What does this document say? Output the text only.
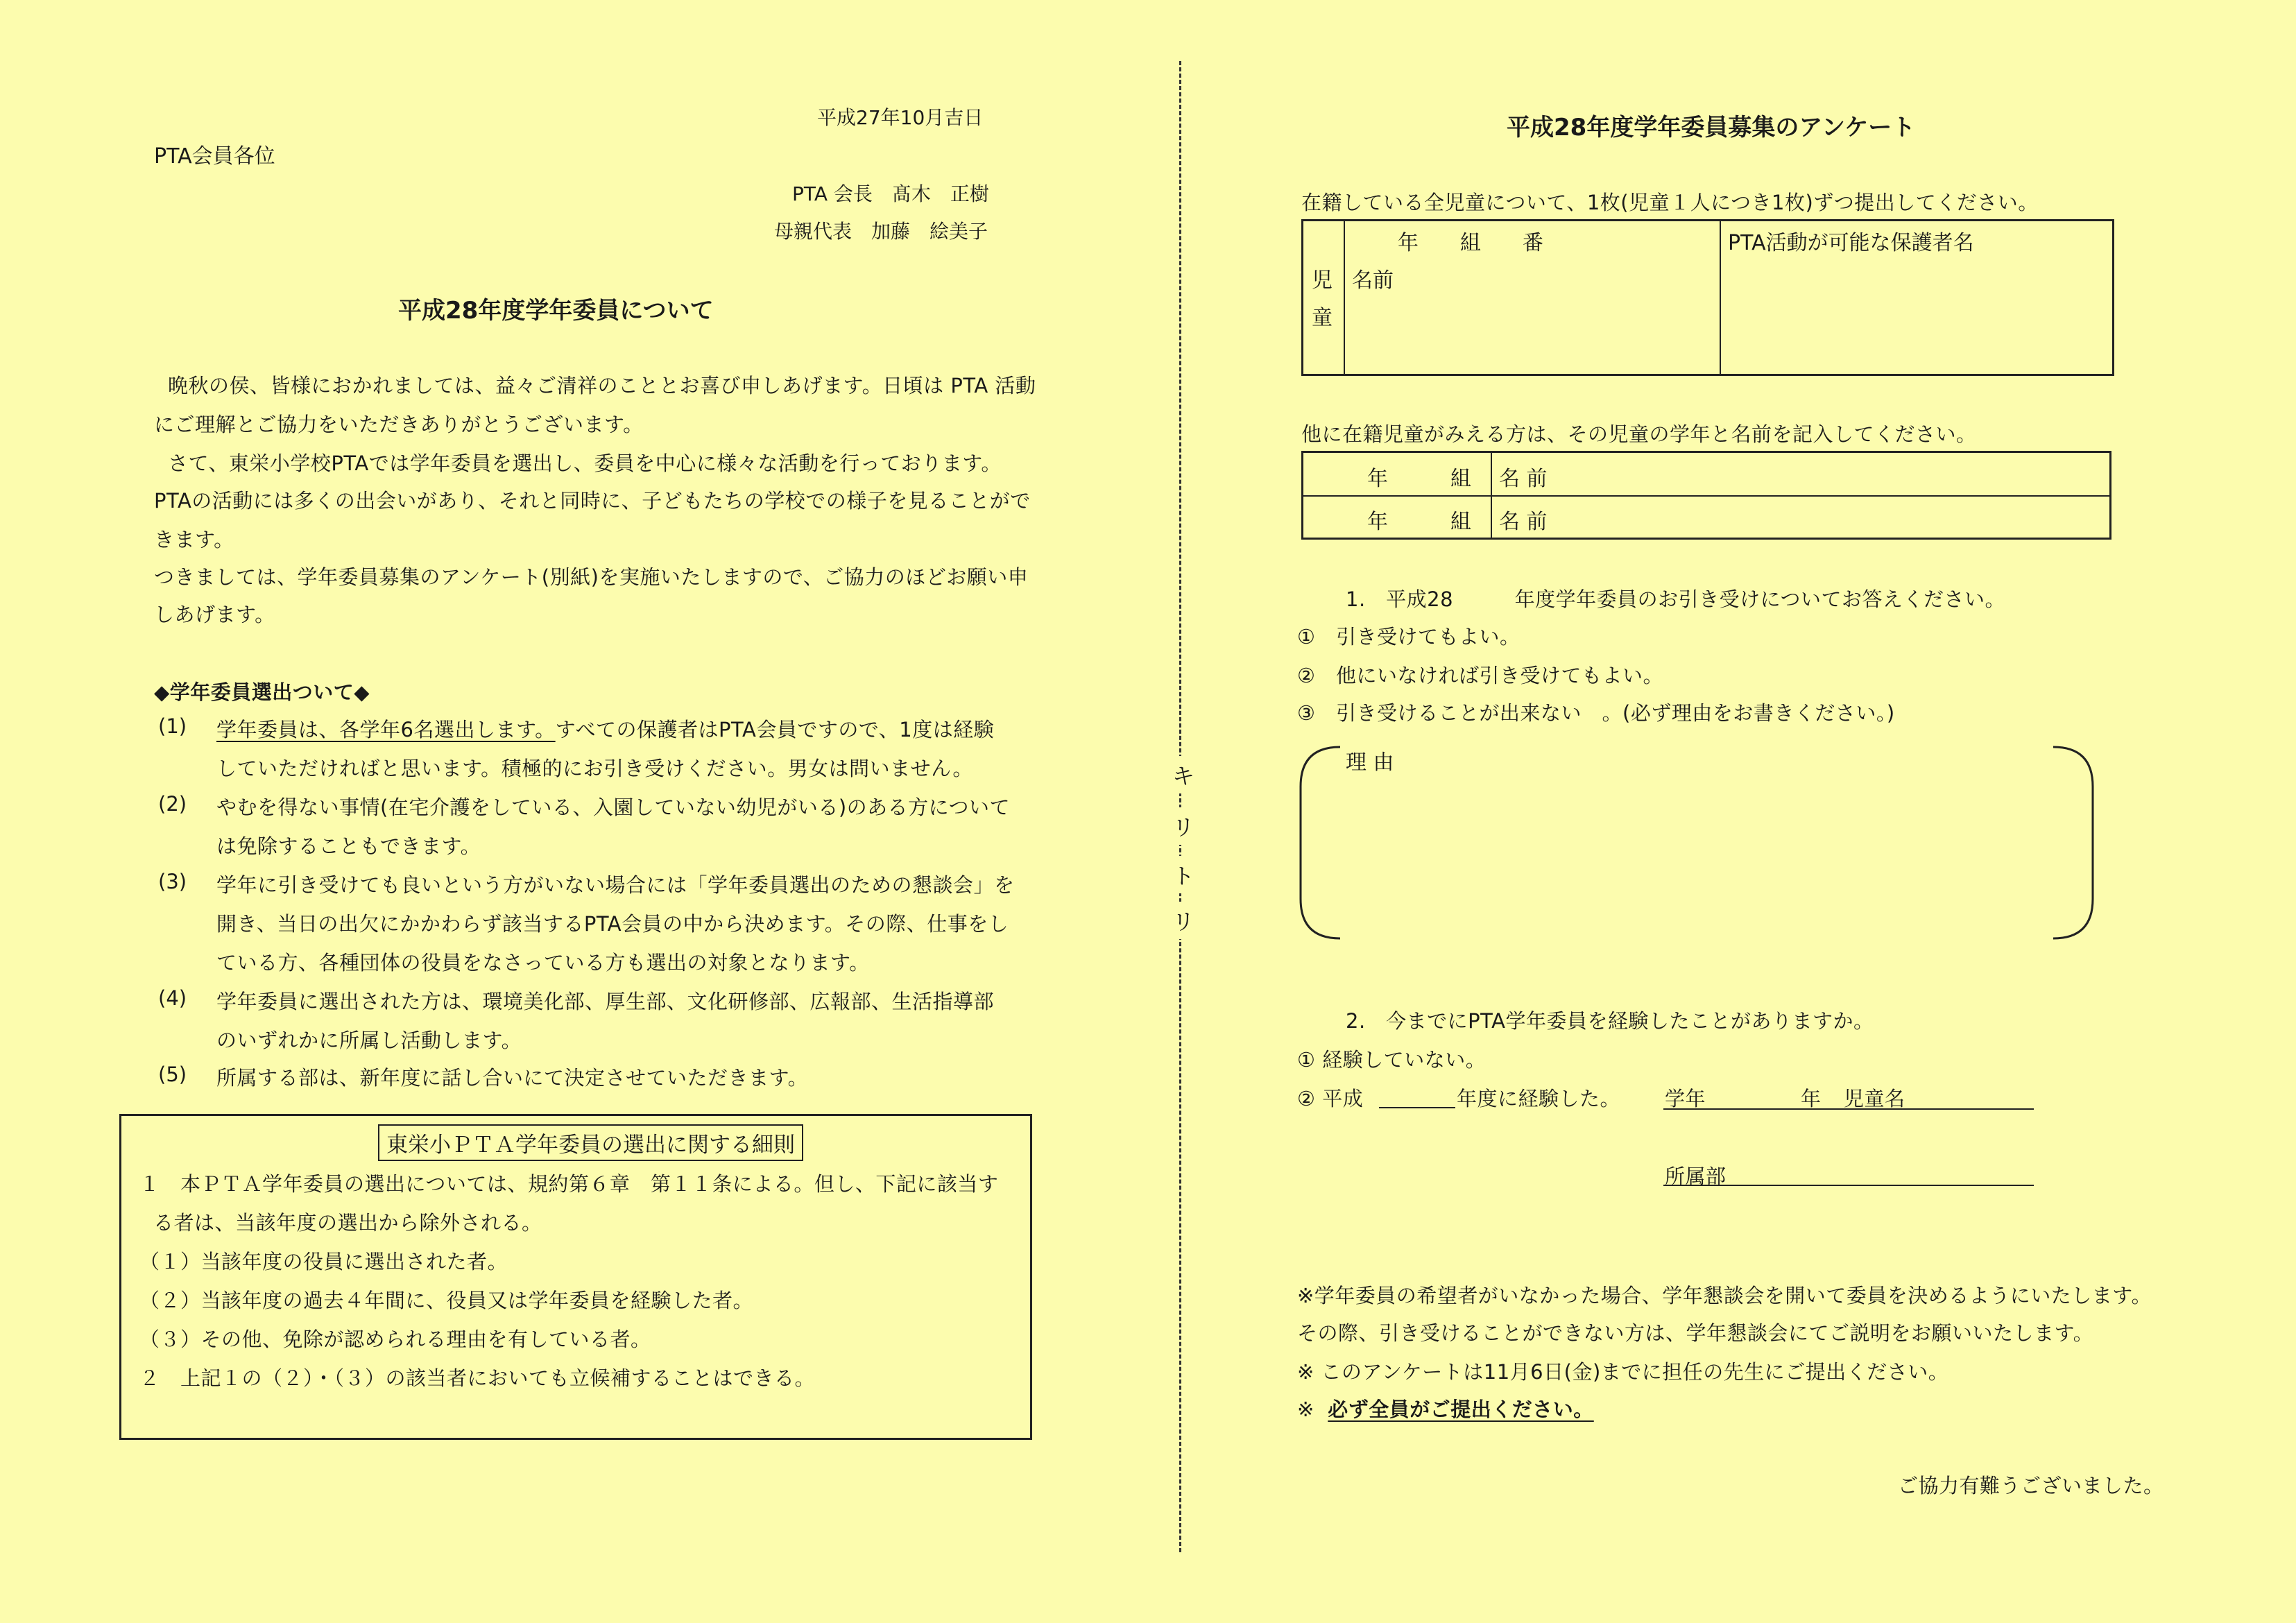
平成27年10月吉日
PTA会員各位
PTA 会長　髙木　正樹
母親代表　加藤　絵美子
平成28年度学年委員について
晩秋の侯、皆様におかれましては、益々ご清祥のこととお喜び申しあげます。日頃は PTA 活動
にご理解とご協力をいただきありがとうございます。
さて、東栄小学校PTAでは学年委員を選出し、委員を中心に様々な活動を行っております。
PTAの活動には多くの出会いがあり、それと同時に、子どもたちの学校での様子を見ることがで
きます。
つきましては、学年委員募集のアンケート(別紙)を実施いたしますので、ご協力のほどお願い申
しあげます。
◆学年委員選出ついて◆
(1) 学年委員は、各学年6名選出します。すべての保護者はPTA会員ですので、1度は経験
していただければと思います。積極的にお引き受けください。男女は問いません。
(2) やむを得ない事情(在宅介護をしている、入園していない幼児がいる)のある方について
は免除することもできます。
(3) 学年に引き受けても良いという方がいない場合には「学年委員選出のための懇談会」を
開き、当日の出欠にかかわらず該当するPTA会員の中から決めます。その際、仕事をし
ている方、各種団体の役員をなさっている方も選出の対象となります。
(4) 学年委員に選出された方は、環境美化部、厚生部、文化研修部、広報部、生活指導部
のいずれかに所属し活動します。
(5) 所属する部は、新年度に話し合いにて決定させていただきます。
東栄小ＰＴＡ学年委員の選出に関する細則
１　本ＰＴＡ学年委員の選出については、規約第６章　第１１条による。但し、下記に該当す
る者は、当該年度の選出から除外される。
（１）当該年度の役員に選出された者。
（２）当該年度の過去４年間に、役員又は学年委員を経験した者。
（３）その他、免除が認められる理由を有している者。
２　上記１の（２）・（３）の該当者においても立候補することはできる。
キ
リ
ト
リ
平成28年度学年委員募集のアンケート
在籍している全児童について、1枚(児童１人につき1枚)ずつ提出してください。
児
童
年　　組　　番
名前
PTA活動が可能な保護者名
他に在籍児童がみえる方は、その児童の学年と名前を記入してください。
年　　　組 名 前
年　　　組 名 前
1.　平成28　　　年度学年委員のお引き受けについてお答えください。
①　引き受けてもよい。
②　他にいなければ引き受けてもよい。
③　引き受けることが出来ない　。(必ず理由をお書きください。)
理 由
2.　今までにPTA学年委員を経験したことがありますか。
① 経験していない。
② 平成	年度に経験した。 学年	年 児童名
所属部
※学年委員の希望者がいなかった場合、学年懇談会を開いて委員を決めるようにいたします。
その際、引き受けることができない方は、学年懇談会にてご説明をお願いいたします。
※ このアンケートは11月6日(金)までに担任の先生にご提出ください。
※ 必ず全員がご提出ください。
ご協力有難うございました。
